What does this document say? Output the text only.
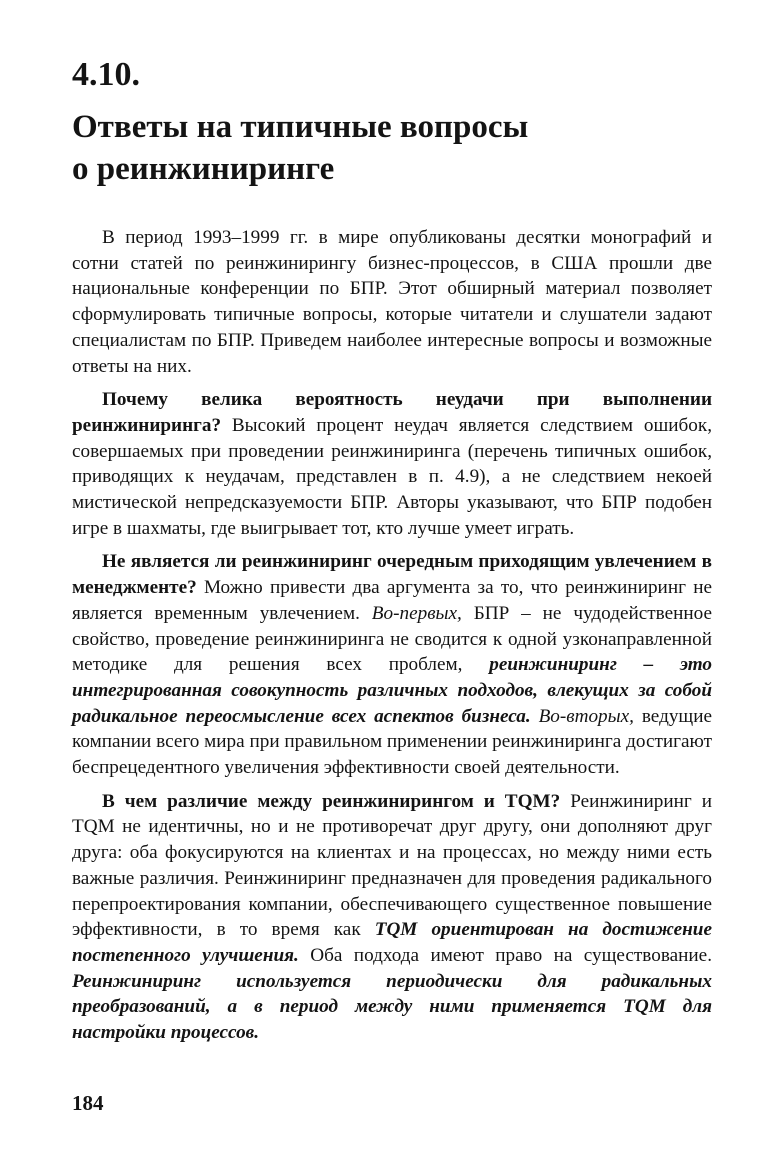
4.10.
Ответы на типичные вопросы
о реинжиниринге

В период 1993–1999 гг. в мире опубликованы десятки монографий и сотни статей по реинжинирингу бизнес-процессов, в США прошли две национальные конференции по БПР. Этот обширный материал позволяет сформулировать типичные вопросы, которые читатели и слушатели задают специалистам по БПР. Приведем наиболее интересные вопросы и возможные ответы на них.

Почему велика вероятность неудачи при выполнении реинжиниринга? Высокий процент неудач является следствием ошибок, совершаемых при проведении реинжиниринга (перечень типичных ошибок, приводящих к неудачам, представлен в п. 4.9), а не следствием некоей мистической непредсказуемости БПР. Авторы указывают, что БПР подобен игре в шахматы, где выигрывает тот, кто лучше умеет играть.

Не является ли реинжиниринг очередным приходящим увлечением в менеджменте? Можно привести два аргумента за то, что реинжиниринг не является временным увлечением. Во-первых, БПР – не чудодейственное свойство, проведение реинжиниринга не сводится к одной узконаправленной методике для решения всех проблем, реинжиниринг – это интегрированная совокупность различных подходов, влекущих за собой радикальное переосмысление всех аспектов бизнеса. Во-вторых, ведущие компании всего мира при правильном применении реинжиниринга достигают беспрецедентного увеличения эффективности своей деятельности.

В чем различие между реинжинирингом и TQM? Реинжиниринг и TQM не идентичны, но и не противоречат друг другу, они дополняют друг друга: оба фокусируются на клиентах и на процессах, но между ними есть важные различия. Реинжиниринг предназначен для проведения радикального перепроектирования компании, обеспечивающего существенное повышение эффективности, в то время как TQM ориентирован на достижение постепенного улучшения. Оба подхода имеют право на существование. Реинжиниринг используется периодически для радикальных преобразований, а в период между ними применяется TQM для настройки процессов.

184
